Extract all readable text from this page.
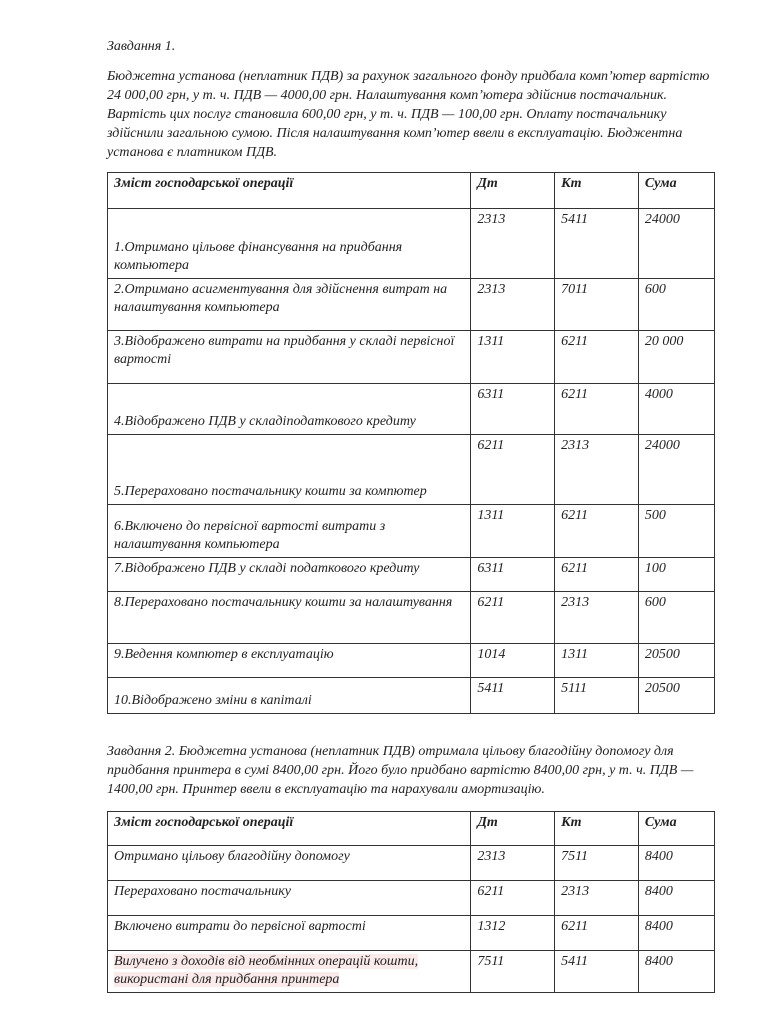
Завдання 1.
Бюджетна установа (неплатник ПДВ) за рахунок загального фонду придбала комп’ютер вартістю 24 000,00 грн, у т. ч. ПДВ — 4000,00 грн. Налаштування комп’ютера здійснив постачальник. Вартість цих послуг становила 600,00 грн, у т. ч. ПДВ — 100,00 грн. Оплату постачальнику здійснили загальною сумою. Після налаштування комп’ютер ввели в експлуатацію. Бюджентна установа є платником ПДВ.
Зміст господарської операції	Дт	Кт	Сума
1.Отримано цільове фінансування на придбання компьютера	2313	5411	24000
2.Отримано асигментування для здійснення витрат на налаштування компьютера	2313	7011	600
3.Відображено витрати на придбання у складі первісної вартості	1311	6211	20 000
4.Відображено ПДВ у складіподаткового кредиту	6311	6211	4000
5.Перераховано постачальнику кошти за компютер	6211	2313	24000
6.Включено до первісної вартості витрати з налаштування компьютера	1311	6211	500
7.Відображено ПДВ у складі податкового кредиту	6311	6211	100
8.Перераховано постачальнику кошти за налаштування	6211	2313	600
9.Ведення компютер в експлуатацію	1014	1311	20500
10.Відображено зміни в капіталі	5411	5111	20500
Завдання 2. Бюджетна установа (неплатник ПДВ) отримала цільову благодійну допомогу для придбання принтера в сумі 8400,00 грн. Його було придбано вартістю 8400,00 грн, у т. ч. ПДВ — 1400,00 грн. Принтер ввели в експлуатацію та нарахували амортизацію.
Зміст господарської операції	Дт	Кт	Сума
Отримано цільову благодійну допомогу	2313	7511	8400
Перераховано постачальнику	6211	2313	8400
Включено витрати до первісної вартості	1312	6211	8400
Вилучено з доходів від необмінних операцій кошти, використані для придбання принтера	7511	5411	8400
